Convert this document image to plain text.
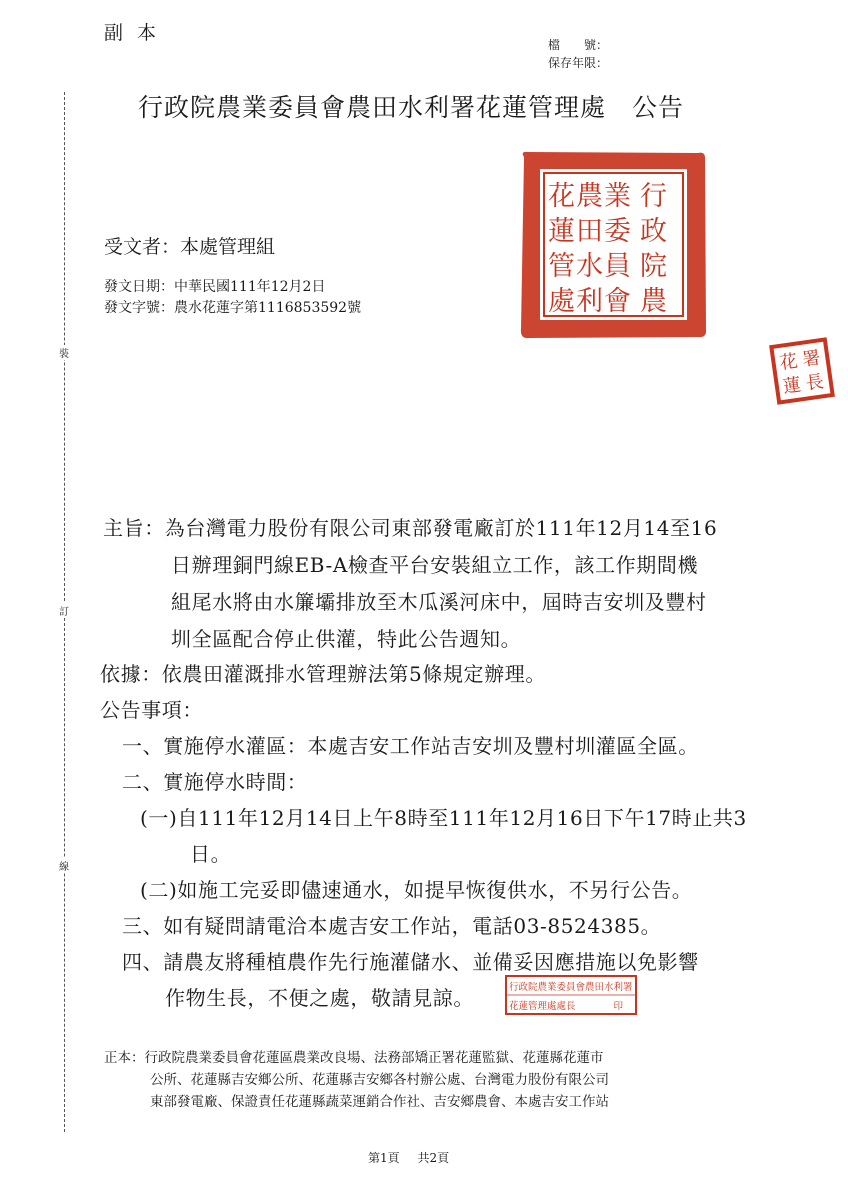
副本
檔　　號：
保存年限：
行政院農業委員會農田水利署花蓮管理處 公告
裝
訂
線
行
政
院
農
業
委
員
會
農
田
水
利
花
蓮
管
處
署
長
花
蓮
受文者：本處管理組
發文日期：中華民國111年12月2日
發文字號：農水花蓮字第1116853592號
主旨：為台灣電力股份有限公司東部發電廠訂於111年12月14至16
日辦理銅門線EB-A檢查平台安裝組立工作，該工作期間機
組尾水將由水簾壩排放至木瓜溪河床中，屆時吉安圳及豐村
圳全區配合停止供灌，特此公告週知。
依據：依農田灌溉排水管理辦法第5條規定辦理。
公告事項：
一、實施停水灌區：本處吉安工作站吉安圳及豐村圳灌區全區。
二、實施停水時間：
(一)自111年12月14日上午8時至111年12月16日下午17時止共3
日。
(二)如施工完妥即儘速通水，如提早恢復供水，不另行公告。
三、如有疑問請電洽本處吉安工作站，電話03-8524385。
四、請農友將種植農作先行施灌儲水、並備妥因應措施以免影響
作物生長，不便之處，敬請見諒。	行政院農業委員會農田水利署
花蓮管理處處長　　　　印
正本：行政院農業委員會花蓮區農業改良場、法務部矯正署花蓮監獄、花蓮縣花蓮市
公所、花蓮縣吉安鄉公所、花蓮縣吉安鄉各村辦公處、台灣電力股份有限公司
東部發電廠、保證責任花蓮縣蔬菜運銷合作社、吉安鄉農會、本處吉安工作站
第1頁 共2頁
